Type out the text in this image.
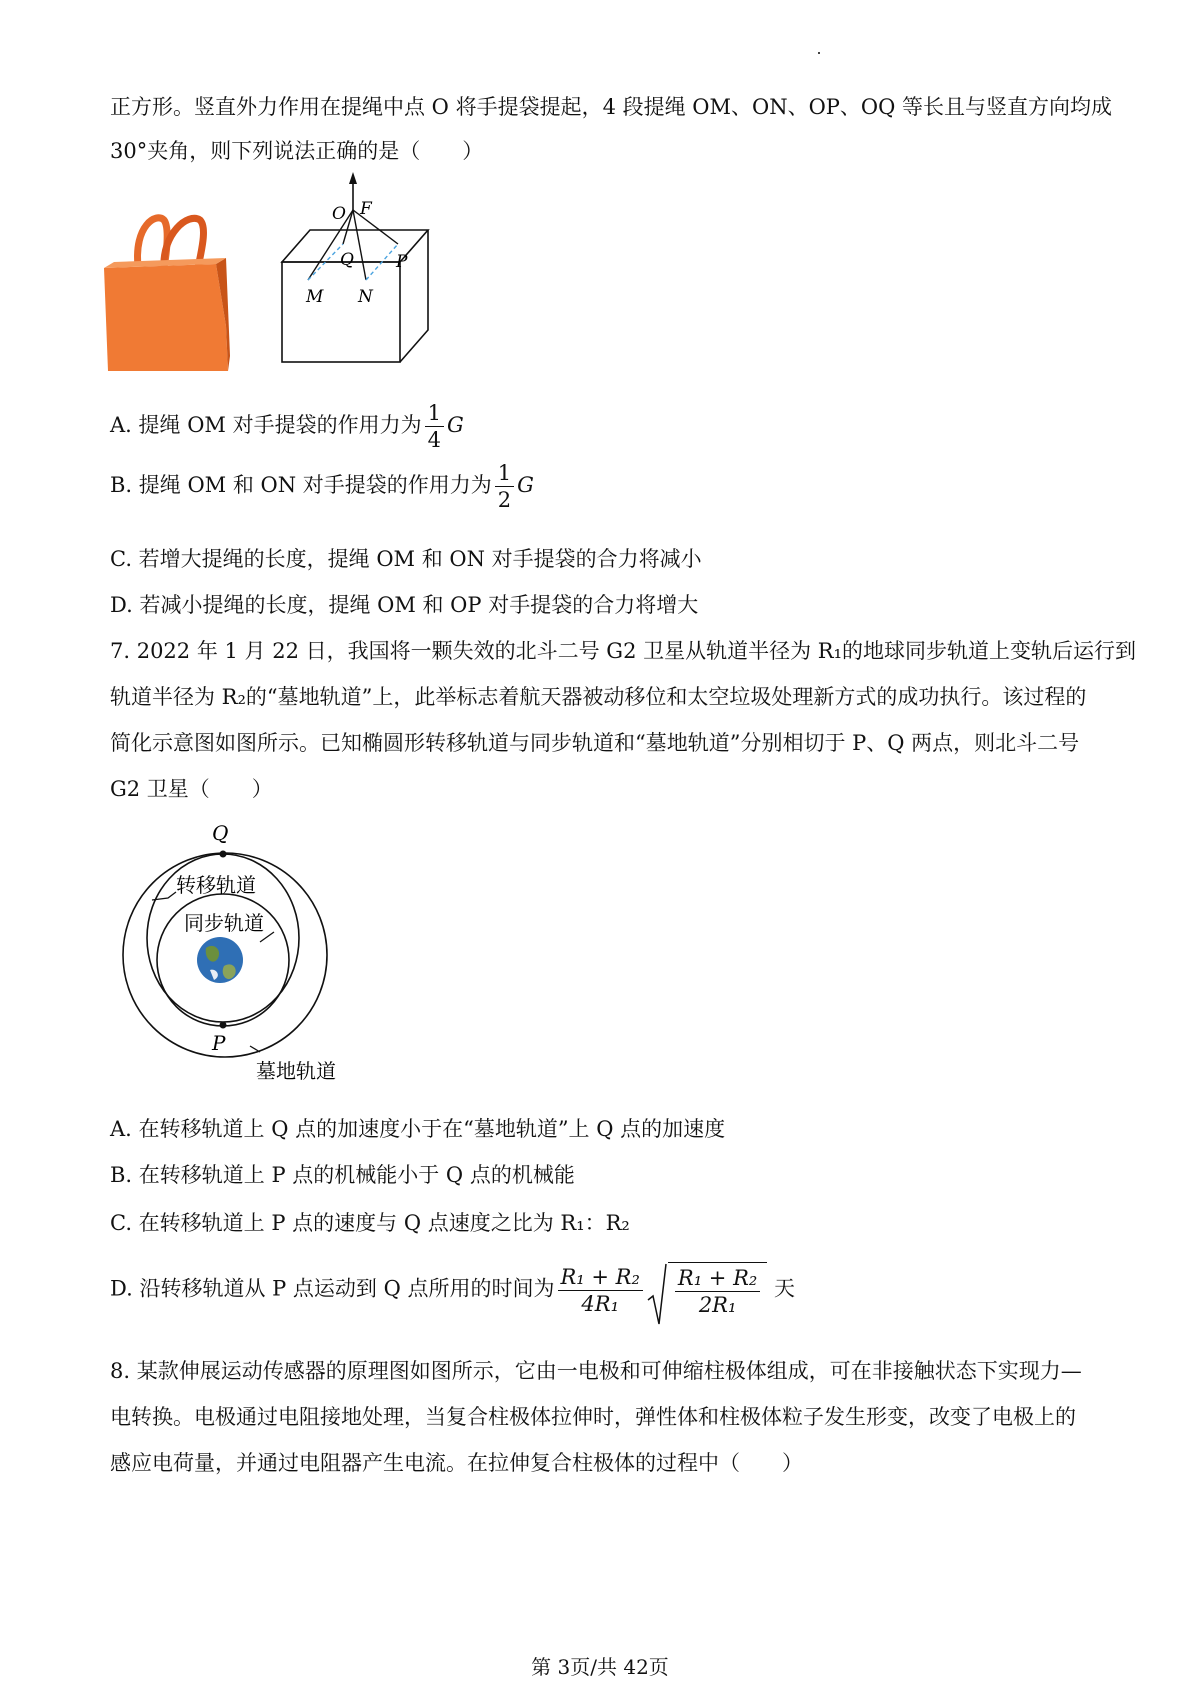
正方形。竖直外力作用在提绳中点 O 将手提袋提起，4 段提绳 OM、ON、OP、OQ 等长且与竖直方向均成
30°夹角，则下列说法正确的是（　　）
O F
Q P
M N
A. 提绳 OM 对手提袋的作用力为 $\frac{1}{4}$ G
B. 提绳 OM 和 ON 对手提袋的作用力为 $\frac{1}{2}$ G
C. 若增大提绳的长度，提绳 OM 和 ON 对手提袋的合力将减小
D. 若减小提绳的长度，提绳 OM 和 OP 对手提袋的合力将增大
7. 2022 年 1 月 22 日，我国将一颗失效的北斗二号 G2 卫星从轨道半径为 R₁的地球同步轨道上变轨后运行到
轨道半径为 R₂的“墓地轨道”上，此举标志着航天器被动移位和太空垃圾处理新方式的成功执行。该过程的
简化示意图如图所示。已知椭圆形转移轨道与同步轨道和“墓地轨道”分别相切于 P、Q 两点，则北斗二号
G2 卫星（　　）
Q
P
转移轨道
同步轨道
墓地轨道
A. 在转移轨道上 Q 点的加速度小于在“墓地轨道”上 Q 点的加速度
B. 在转移轨道上 P 点的机械能小于 Q 点的机械能
C. 在转移轨道上 P 点的速度与 Q 点速度之比为 R₁：R₂
D. 沿转移轨道从 P 点运动到 Q 点所用的时间为 $\frac{\text{R₁ + R₂}}{\text{4R₁}} \frac{\text{R₁ + R₂}}{\text{2R₁}}$ 天
8. 某款伸展运动传感器的原理图如图所示，它由一电极和可伸缩柱极体组成，可在非接触状态下实现力—
电转换。电极通过电阻接地处理，当复合柱极体拉伸时，弹性体和柱极体粒子发生形变，改变了电极上的
感应电荷量，并通过电阻器产生电流。在拉伸复合柱极体的过程中（　　）
第 3页/共 42页
